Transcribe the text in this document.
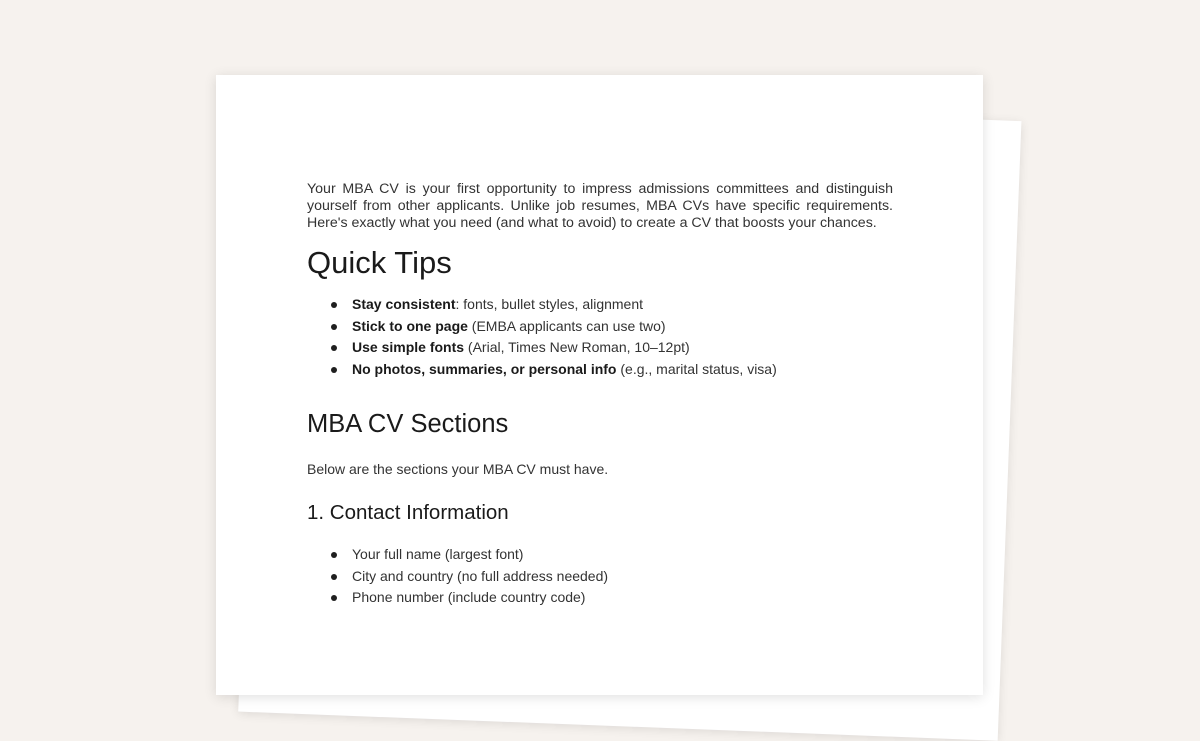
Your MBA CV is your first opportunity to impress admissions committees and distinguish yourself from other applicants. Unlike job resumes, MBA CVs have specific requirements. Here's exactly what you need (and what to avoid) to create a CV that boosts your chances.

Quick Tips
Stay consistent: fonts, bullet styles, alignment
Stick to one page (EMBA applicants can use two)
Use simple fonts (Arial, Times New Roman, 10–12pt)
No photos, summaries, or personal info (e.g., marital status, visa)
MBA CV Sections

Below are the sections your MBA CV must have.

1. Contact Information
Your full name (largest font)
City and country (no full address needed)
Phone number (include country code)
